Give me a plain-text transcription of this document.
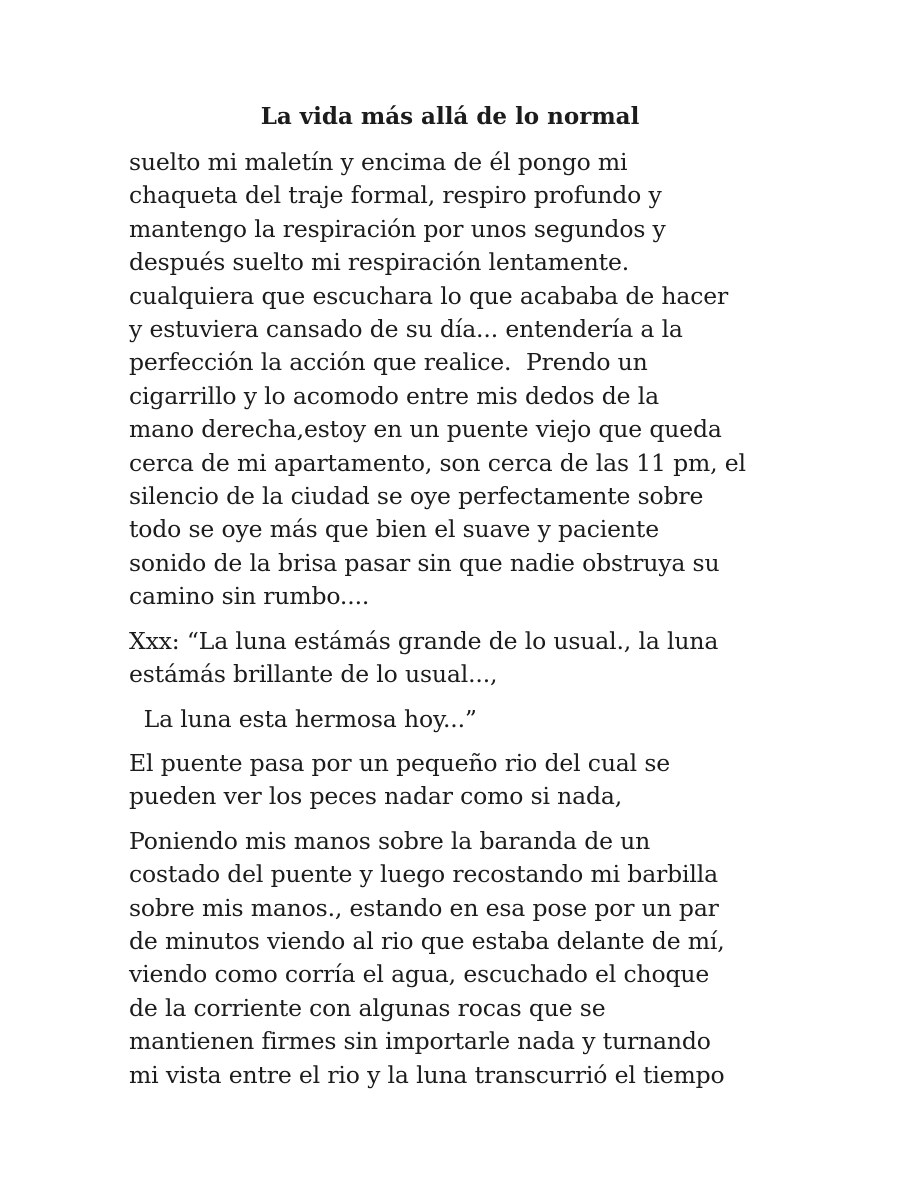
La vida más allá de lo normal
suelto mi maletín y encima de él pongo mi
chaqueta del traje formal, respiro profundo y
mantengo la respiración por unos segundos y
después suelto mi respiración lentamente.
cualquiera que escuchara lo que acababa de hacer
y estuviera cansado de su día... entendería a la
perfección la acción que realice.  Prendo un
cigarrillo y lo acomodo entre mis dedos de la
mano derecha,estoy en un puente viejo que queda
cerca de mi apartamento, son cerca de las 11 pm, el
silencio de la ciudad se oye perfectamente sobre
todo se oye más que bien el suave y paciente
sonido de la brisa pasar sin que nadie obstruya su
camino sin rumbo....
Xxx: “La luna estámás grande de lo usual., la luna
estámás brillante de lo usual...,
La luna esta hermosa hoy...”
El puente pasa por un pequeño rio del cual se
pueden ver los peces nadar como si nada,
Poniendo mis manos sobre la baranda de un
costado del puente y luego recostando mi barbilla
sobre mis manos., estando en esa pose por un par
de minutos viendo al rio que estaba delante de mí,
viendo como corría el agua, escuchado el choque
de la corriente con algunas rocas que se
mantienen firmes sin importarle nada y turnando
mi vista entre el rio y la luna transcurrió el tiempo
